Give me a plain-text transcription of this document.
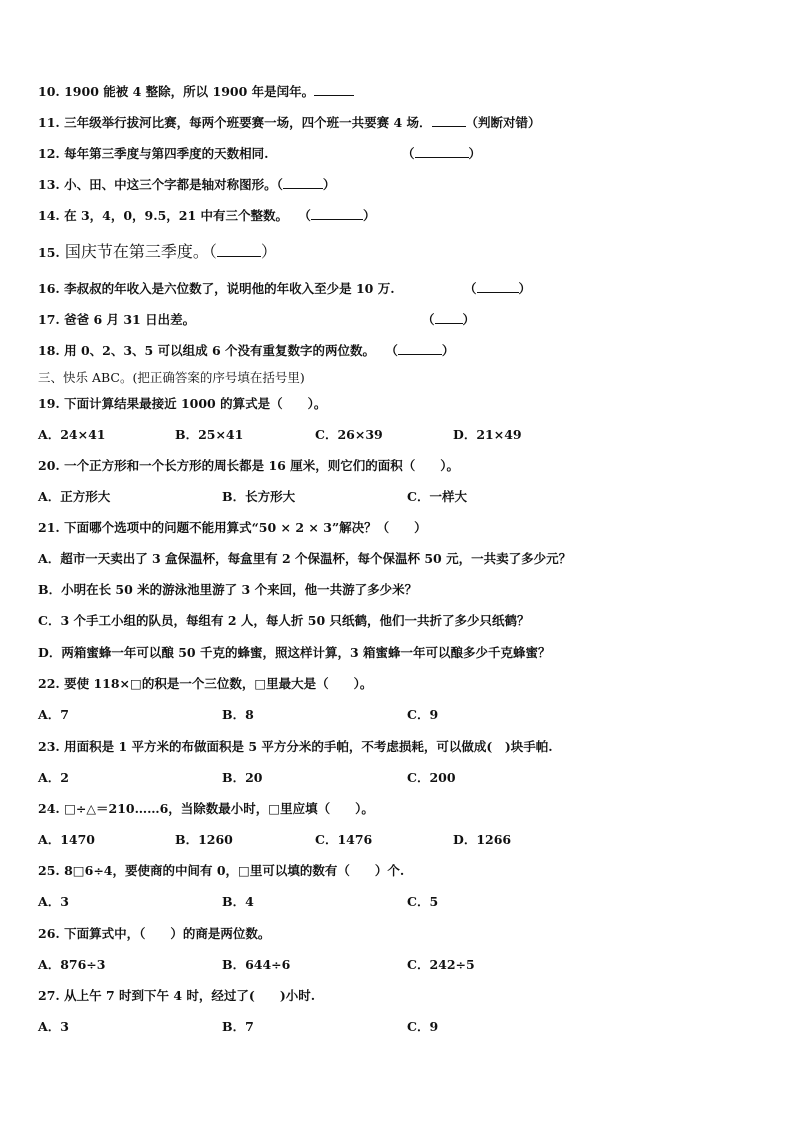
10. 1900 能被 4 整除，所以 1900 年是闰年。
11. 三年级举行拔河比赛，每两个班要赛一场，四个班一共要赛 4 场．	（判断对错）
12. 每年第三季度与第四季度的天数相同.	（	）
13. 小、田、中这三个字都是轴对称图形。（	）
14. 在 3，4，0，9.5，21 中有三个整数。 （	）
15. 国庆节在第三季度。（	）
16. 李叔叔的年收入是六位数了，说明他的年收入至少是 10 万.	（	）
17. 爸爸 6 月 31 日出差。	（ ）
18. 用 0、2、3、5 可以组成 6 个没有重复数字的两位数。 （	）
三、快乐 ABC。(把正确答案的序号填在括号里)
19. 下面计算结果最接近 1000 的算式是（　　）。
A．24×41	B．25×41	C．26×39	D．21×49
20. 一个正方形和一个长方形的周长都是 16 厘米，则它们的面积（　　）。
A．正方形大	B．长方形大	C．一样大
21. 下面哪个选项中的问题不能用算式“50 × 2 × 3”解决？（　　）
A．超市一天卖出了 3 盒保温杯，每盒里有 2 个保温杯，每个保温杯 50 元，一共卖了多少元？
B．小明在长 50 米的游泳池里游了 3 个来回，他一共游了多少米？
C．3 个手工小组的队员，每组有 2 人，每人折 50 只纸鹤，他们一共折了多少只纸鹤？
D．两箱蜜蜂一年可以酿 50 千克的蜂蜜，照这样计算，3 箱蜜蜂一年可以酿多少千克蜂蜜？
22. 要使 118×□的积是一个三位数，□里最大是（　　）。
A．7	B．8	C．9
23. 用面积是 1 平方米的布做面积是 5 平方分米的手帕，不考虑损耗，可以做成(　)块手帕.
A．2	B．20	C．200
24. □÷△＝210……6，当除数最小时，□里应填（　　）。
A．1470	B．1260	C．1476	D．1266
25. 8□6÷4，要使商的中间有 0，□里可以填的数有（　　）个.
A．3	B．4	C．5
26. 下面算式中，（　　）的商是两位数。
A．876÷3	B．644÷6	C．242÷5
27. 从上午 7 时到下午 4 时，经过了(　　)小时.
A．3	B．7	C．9
